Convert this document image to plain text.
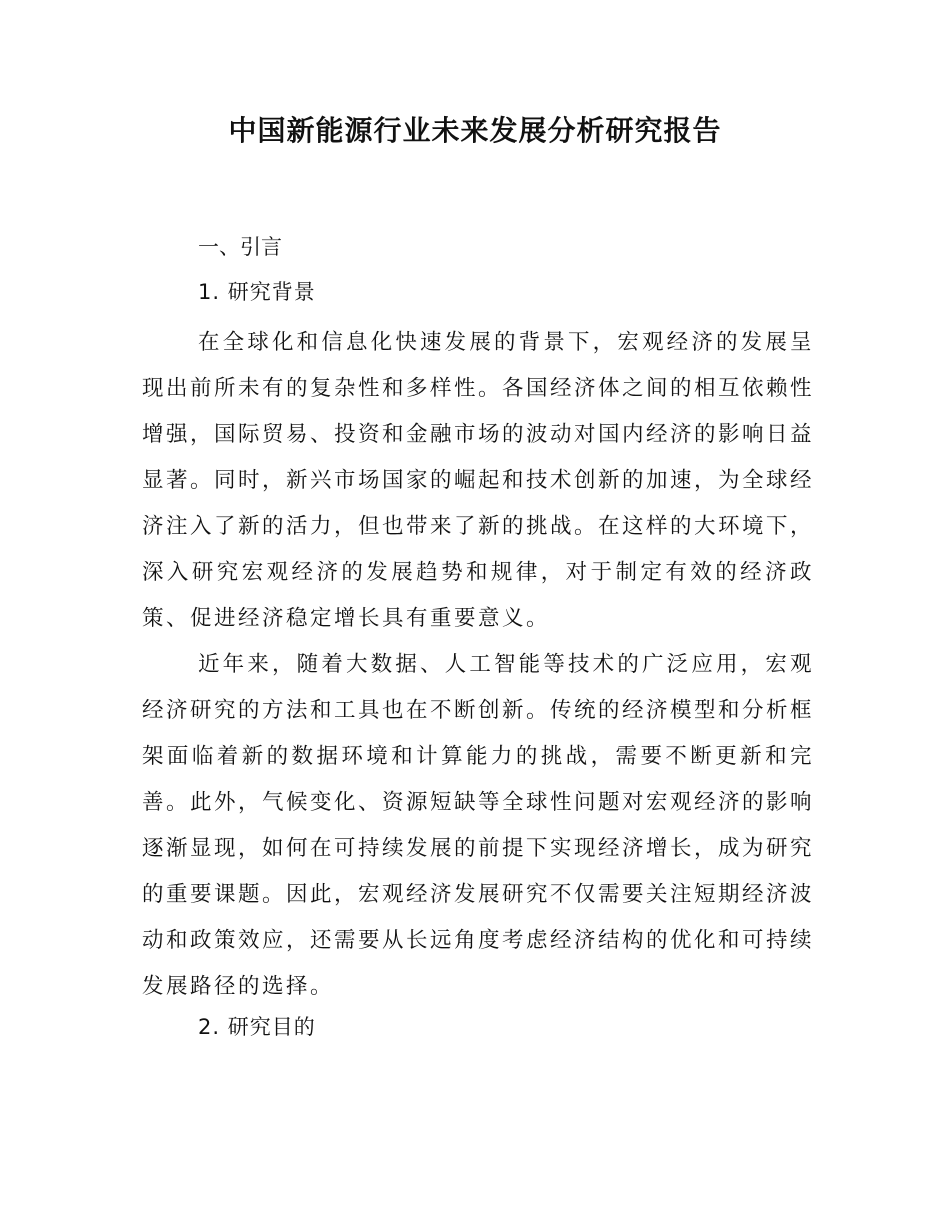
中国新能源行业未来发展分析研究报告
一、引言
1. 研究背景

在全球化和信息化快速发展的背景下，宏观经济的发展呈现出前所未有的复杂性和多样性。各国经济体之间的相互依赖性增强，国际贸易、投资和金融市场的波动对国内经济的影响日益显著。同时，新兴市场国家的崛起和技术创新的加速，为全球经济注入了新的活力，但也带来了新的挑战。在这样的大环境下，深入研究宏观经济的发展趋势和规律，对于制定有效的经济政策、促进经济稳定增长具有重要意义。

近年来，随着大数据、人工智能等技术的广泛应用，宏观经济研究的方法和工具也在不断创新。传统的经济模型和分析框架面临着新的数据环境和计算能力的挑战，需要不断更新和完善。此外，气候变化、资源短缺等全球性问题对宏观经济的影响逐渐显现，如何在可持续发展的前提下实现经济增长，成为研究的重要课题。因此，宏观经济发展研究不仅需要关注短期经济波动和政策效应，还需要从长远角度考虑经济结构的优化和可持续发展路径的选择。

2. 研究目的
